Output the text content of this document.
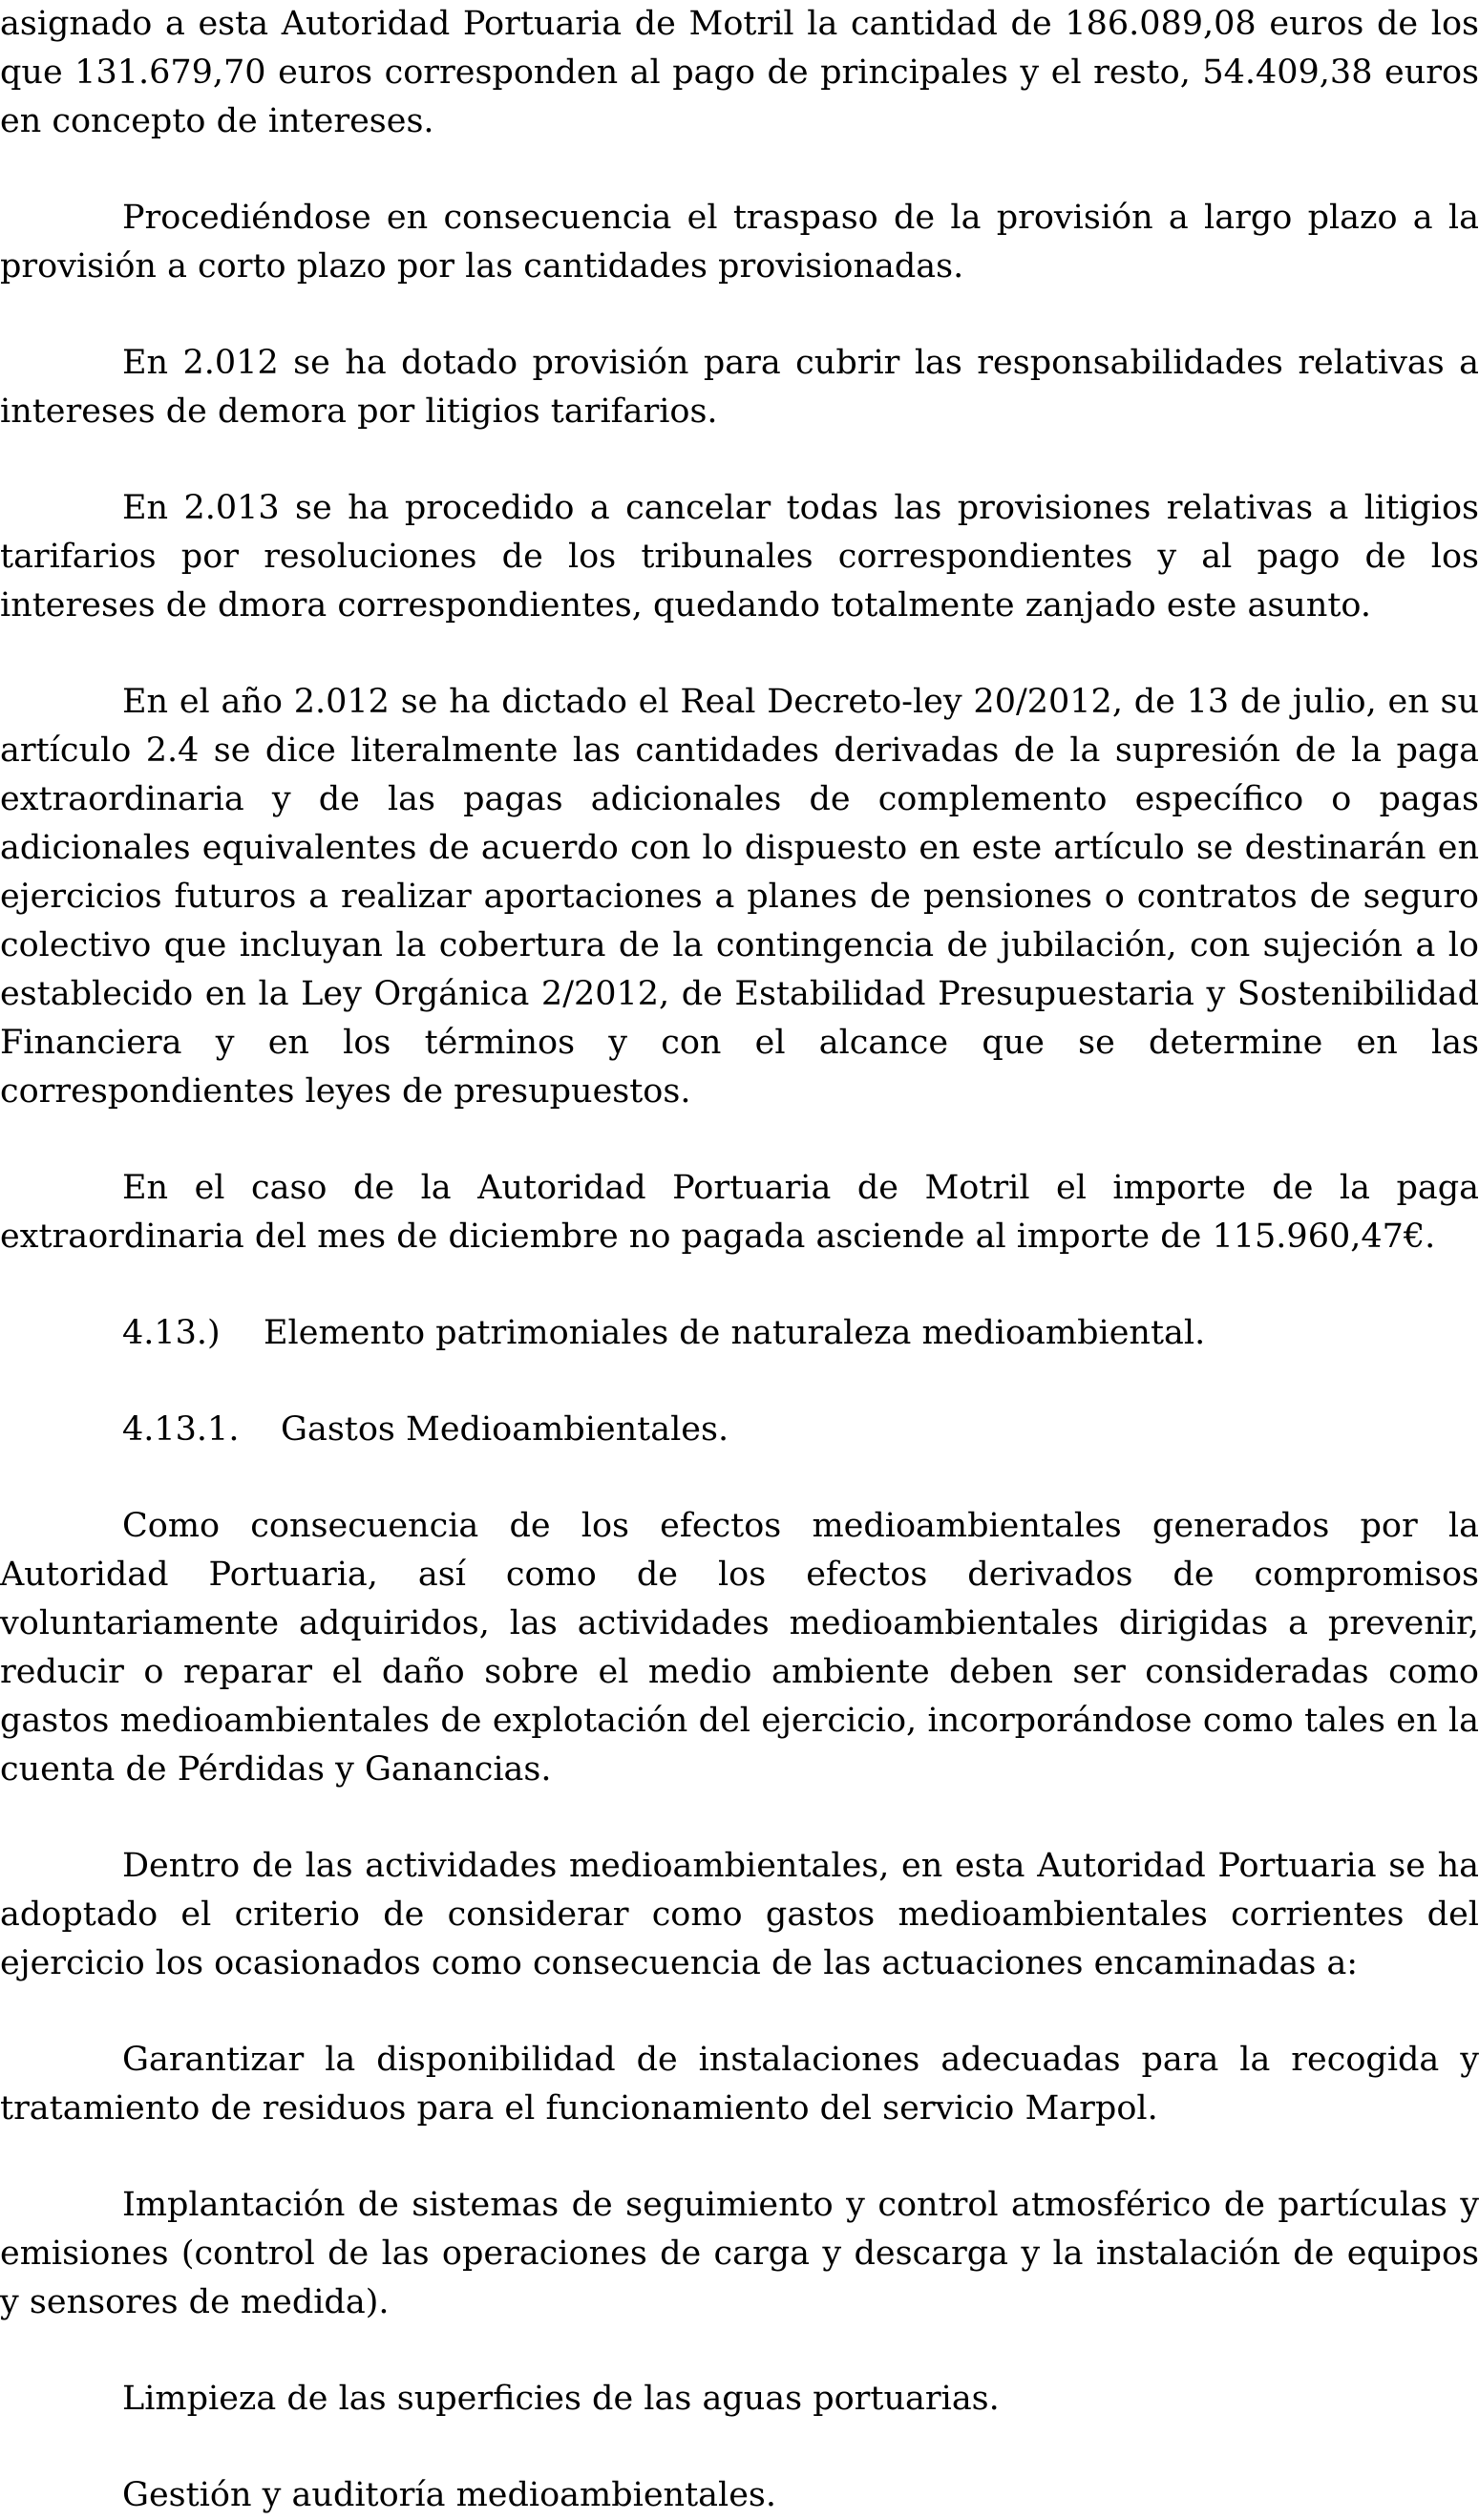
asignado a esta Autoridad Portuaria de Motril la cantidad de 186.089,08 euros de los que 131.679,70 euros corresponden al pago de principales y el resto, 54.409,38 euros en concepto de intereses.

Procediéndose en consecuencia el traspaso de la provisión a largo plazo a la provisión a corto plazo por las cantidades provisionadas.

En 2.012 se ha dotado provisión para cubrir las responsabilidades relativas a intereses de demora por litigios tarifarios.

En 2.013 se ha procedido a cancelar todas las provisiones relativas a litigios tarifarios por resoluciones de los tribunales correspondientes y al pago de los intereses de dmora correspondientes, quedando totalmente zanjado este asunto.

En el año 2.012 se ha dictado el Real Decreto-ley 20/2012, de 13 de julio, en su artículo 2.4 se dice literalmente las cantidades derivadas de la supresión de la paga extraordinaria y de las pagas adicionales de complemento específico o pagas adicionales equivalentes de acuerdo con lo dispuesto en este artículo se destinarán en ejercicios futuros a realizar aportaciones a planes de pensiones o contratos de seguro colectivo que incluyan la cobertura de la contingencia de jubilación, con sujeción a lo establecido en la Ley Orgánica 2/2012, de Estabilidad Presupuestaria y Sostenibilidad Financiera y en los términos y con el alcance que se determine en las correspondientes leyes de presupuestos.

En el caso de la Autoridad Portuaria de Motril el importe de la paga extraordinaria del mes de diciembre no pagada asciende al importe de 115.960,47€.

4.13.) Elemento patrimoniales de naturaleza medioambiental.
4.13.1. Gastos Medioambientales.

Como consecuencia de los efectos medioambientales generados por la Autoridad Portuaria, así como de los efectos derivados de compromisos voluntariamente adquiridos, las actividades medioambientales dirigidas a prevenir, reducir o reparar el daño sobre el medio ambiente deben ser consideradas como gastos medioambientales de explotación del ejercicio, incorporándose como tales en la cuenta de Pérdidas y Ganancias.

Dentro de las actividades medioambientales, en esta Autoridad Portuaria se ha adoptado el criterio de considerar como gastos medioambientales corrientes del ejercicio los ocasionados como consecuencia de las actuaciones encaminadas a:

Garantizar la disponibilidad de instalaciones adecuadas para la recogida y tratamiento de residuos para el funcionamiento del servicio Marpol.

Implantación de sistemas de seguimiento y control atmosférico de partículas y emisiones (control de las operaciones de carga y descarga y la instalación de equipos y sensores de medida).

Limpieza de las superficies de las aguas portuarias.

Gestión y auditoría medioambientales.
